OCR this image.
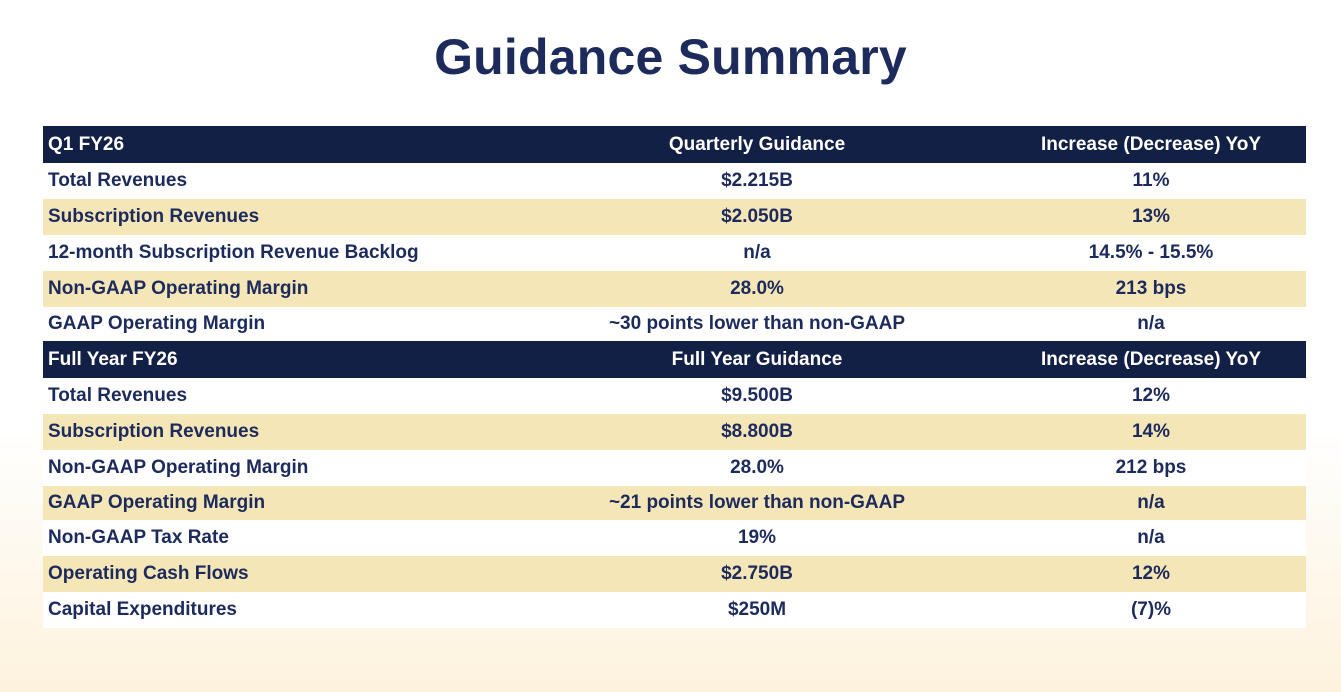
Guidance Summary
Q1 FY26	Quarterly Guidance	Increase (Decrease) YoY
Total Revenues	$2.215B	11%
Subscription Revenues	$2.050B	13%
12-month Subscription Revenue Backlog	n/a	14.5% - 15.5%
Non-GAAP Operating Margin	28.0%	213 bps
GAAP Operating Margin	~30 points lower than non-GAAP	n/a
Full Year FY26	Full Year Guidance	Increase (Decrease) YoY
Total Revenues	$9.500B	12%
Subscription Revenues	$8.800B	14%
Non-GAAP Operating Margin	28.0%	212 bps
GAAP Operating Margin	~21 points lower than non-GAAP	n/a
Non-GAAP Tax Rate	19%	n/a
Operating Cash Flows	$2.750B	12%
Capital Expenditures	$250M	(7)%
